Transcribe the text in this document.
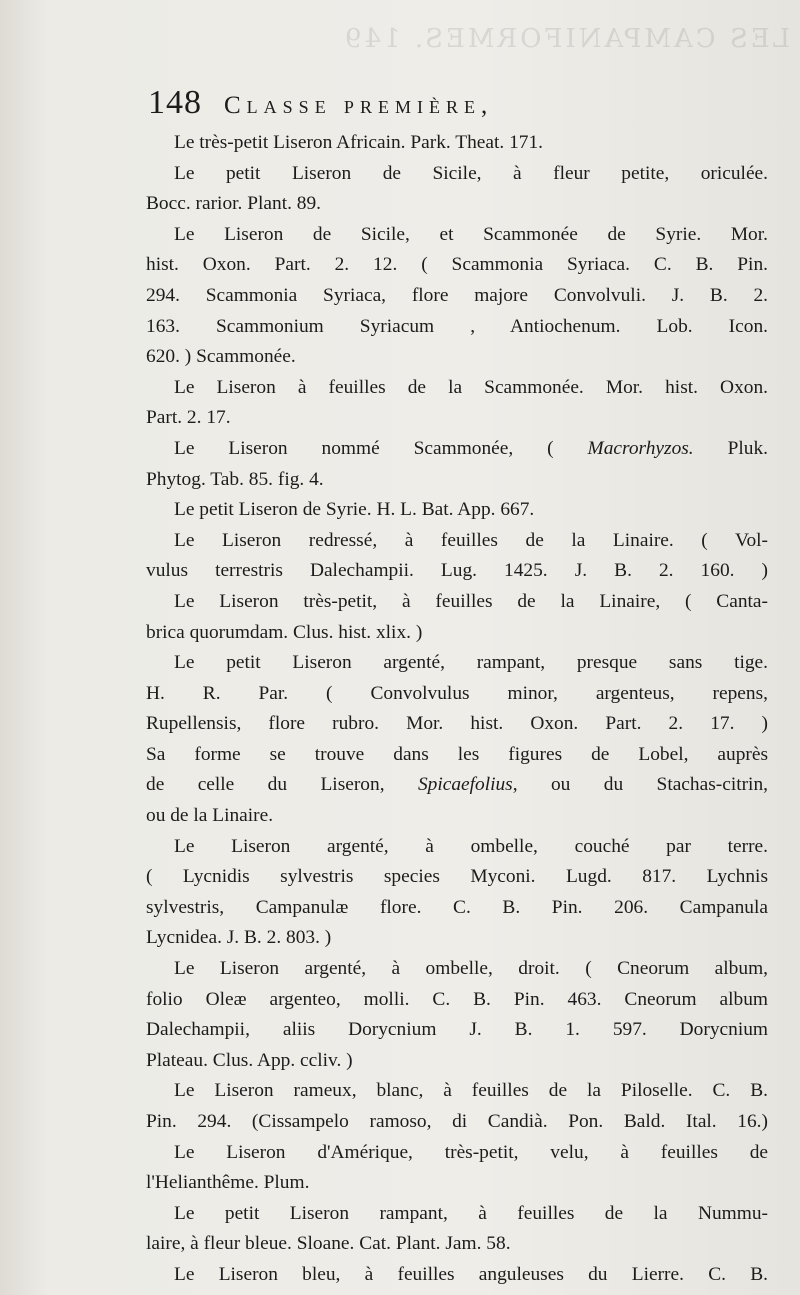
LES CAMPANIFORMES. 149
148 Classe première,
Le très-petit Liseron Africain. Park. Theat. 171.
Le petit Liseron de Sicile, à fleur petite, oriculée.
Bocc. rarior. Plant. 89.
Le Liseron de Sicile, et Scammonée de Syrie. Mor.
hist. Oxon. Part. 2. 12. ( Scammonia Syriaca. C. B. Pin.
294. Scammonia Syriaca, flore majore Convolvuli. J. B. 2.
163. Scammonium Syriacum , Antiochenum. Lob. Icon.
620. ) Scammonée.
Le Liseron à feuilles de la Scammonée. Mor. hist. Oxon.
Part. 2. 17.
Le Liseron nommé Scammonée, ( Macrorhyzos. Pluk.
Phytog. Tab. 85. fig. 4.
Le petit Liseron de Syrie. H. L. Bat. App. 667.
Le Liseron redressé, à feuilles de la Linaire. ( Vol-
vulus terrestris Dalechampii. Lug. 1425. J. B. 2. 160. )
Le Liseron très-petit, à feuilles de la Linaire, ( Canta-
brica quorumdam. Clus. hist. xlix. )
Le petit Liseron argenté, rampant, presque sans tige.
H. R. Par. ( Convolvulus minor, argenteus, repens,
Rupellensis, flore rubro. Mor. hist. Oxon. Part. 2. 17. )
Sa forme se trouve dans les figures de Lobel, auprès
de celle du Liseron, Spicaefolius, ou du Stachas-citrin,
ou de la Linaire.
Le Liseron argenté, à ombelle, couché par terre.
( Lycnidis sylvestris species Myconi. Lugd. 817. Lychnis
sylvestris, Campanulæ flore. C. B. Pin. 206. Campanula
Lycnidea. J. B. 2. 803. )
Le Liseron argenté, à ombelle, droit. ( Cneorum album,
folio Oleæ argenteo, molli. C. B. Pin. 463. Cneorum album
Dalechampii, aliis Dorycnium J. B. 1. 597. Dorycnium
Plateau. Clus. App. ccliv. )
Le Liseron rameux, blanc, à feuilles de la Piloselle. C. B.
Pin. 294. (Cissampelo ramoso, di Candià. Pon. Bald. Ital. 16.)
Le Liseron d'Amérique, très-petit, velu, à feuilles de
l'Helianthême. Plum.
Le petit Liseron rampant, à feuilles de la Nummu-
laire, à fleur bleue. Sloane. Cat. Plant. Jam. 58.
Le Liseron bleu, à feuilles anguleuses du Lierre. C. B.
